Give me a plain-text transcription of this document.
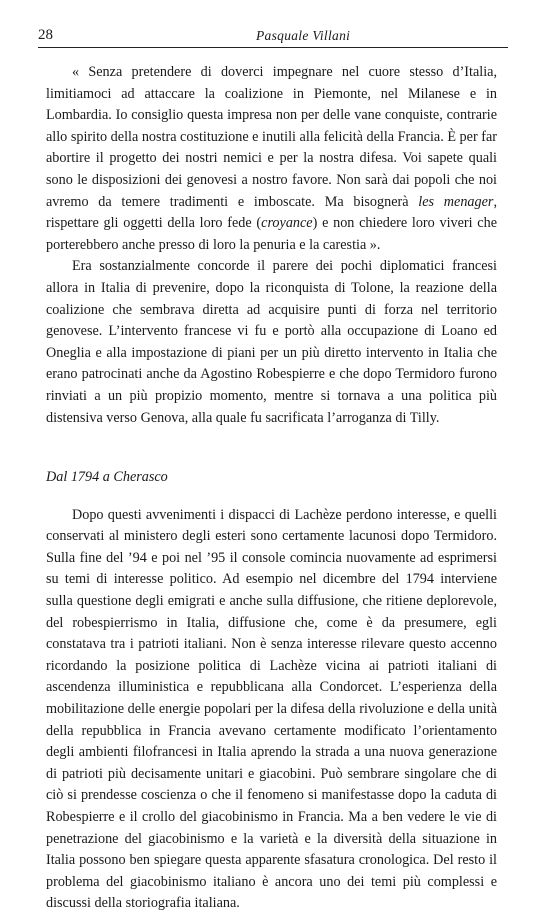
28	Pasquale Villani

« Senza pretendere di doverci impegnare nel cuore stesso d’Italia, limitiamoci ad attaccare la coalizione in Piemonte, nel Milanese e in Lombardia. Io consiglio questa impresa non per delle vane conquiste, contrarie allo spirito della nostra costituzione e inutili alla felicità della Francia. È per far abortire il progetto dei nostri nemici e per la nostra difesa. Voi sapete quali sono le disposizioni dei genovesi a nostro favore. Non sarà dai popoli che noi avremo da temere tradimenti e imboscate. Ma bisognerà les menager, rispettare gli oggetti della loro fede (croyance) e non chiedere loro viveri che porterebbero anche presso di loro la penuria e la carestia ».

Era sostanzialmente concorde il parere dei pochi diplomatici francesi allora in Italia di prevenire, dopo la riconquista di Tolone, la reazione della coalizione che sembrava diretta ad acquisire punti di forza nel territorio genovese. L’intervento francese vi fu e portò alla occupazione di Loano ed Oneglia e alla impostazione di piani per un più diretto intervento in Italia che erano patrocinati anche da Agostino Robespierre e che dopo Termidoro furono rinviati a un più propizio momento, mentre si tornava a una politica più distensiva verso Genova, alla quale fu sacrificata l’arroganza di Tilly.

Dal 1794 a Cherasco

Dopo questi avvenimenti i dispacci di Lachèze perdono interesse, e quelli conservati al ministero degli esteri sono certamente lacunosi dopo Termidoro. Sulla fine del ’94 e poi nel ’95 il console comincia nuovamente ad esprimersi su temi di interesse politico. Ad esempio nel dicembre del 1794 interviene sulla questione degli emigrati e anche sulla diffusione, che ritiene deplorevole, del robespierrismo in Italia, diffusione che, come è da presumere, egli constatava tra i patrioti italiani. Non è senza interesse rilevare questo accenno ricordando la posizione politica di Lachèze vicina ai patrioti italiani di ascendenza illuministica e repubblicana alla Condorcet. L’esperienza della mobilitazione delle energie popolari per la difesa della rivoluzione e della unità della repubblica in Francia avevano certamente modificato l’orientamento degli ambienti filofrancesi in Italia aprendo la strada a una nuova generazione di patrioti più decisamente unitari e giacobini. Può sembrare singolare che di ciò si prendesse coscienza o che il fenomeno si manifestasse dopo la caduta di Robespierre e il crollo del giacobinismo in Francia. Ma a ben vedere le vie di penetrazione del giacobinismo e la varietà e la diversità della situazione in Italia possono ben spiegare questa apparente sfasatura cronologica. Del resto il problema del giacobinismo italiano è ancora uno dei temi più complessi e discussi della storiografia italiana.
